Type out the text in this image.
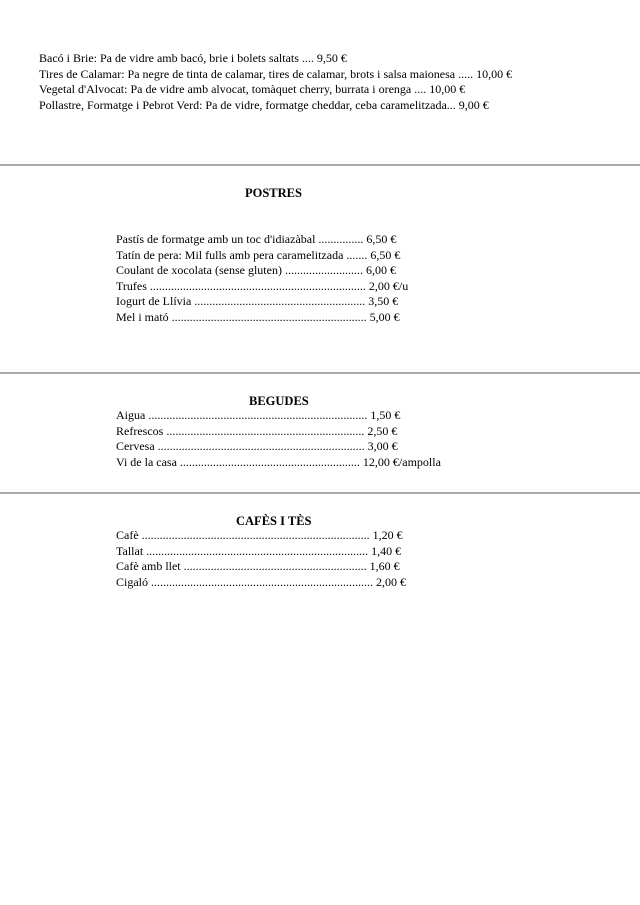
Bacó i Brie: Pa de vidre amb bacó, brie i bolets saltats .... 9,50 €
Tires de Calamar: Pa negre de tinta de calamar, tires de calamar, brots i salsa maionesa ..... 10,00 €
Vegetal d'Alvocat: Pa de vidre amb alvocat, tomàquet cherry, burrata i orenga .... 10,00 €
Pollastre, Formatge i Pebrot Verd: Pa de vidre, formatge cheddar, ceba caramelitzada... 9,00 €
POSTRES
Pastís de formatge amb un toc d'idiazàbal ............... 6,50 €
Tatín de pera: Mil fulls amb pera caramelitzada ....... 6,50 €
Coulant de xocolata (sense gluten) .......................... 6,00 €
Trufes ........................................................................ 2,00 €/u
Iogurt de Llívia ......................................................... 3,50 €
Mel i mató ................................................................. 5,00 €
BEGUDES
Aigua ......................................................................... 1,50 €
Refrescos .................................................................. 2,50 €
Cervesa ..................................................................... 3,00 €
Vi de la casa ............................................................ 12,00 €/ampolla
CAFÈS I TÈS
Cafè ............................................................................ 1,20 €
Tallat .......................................................................... 1,40 €
Cafè amb llet ............................................................. 1,60 €
Cigaló .......................................................................... 2,00 €
